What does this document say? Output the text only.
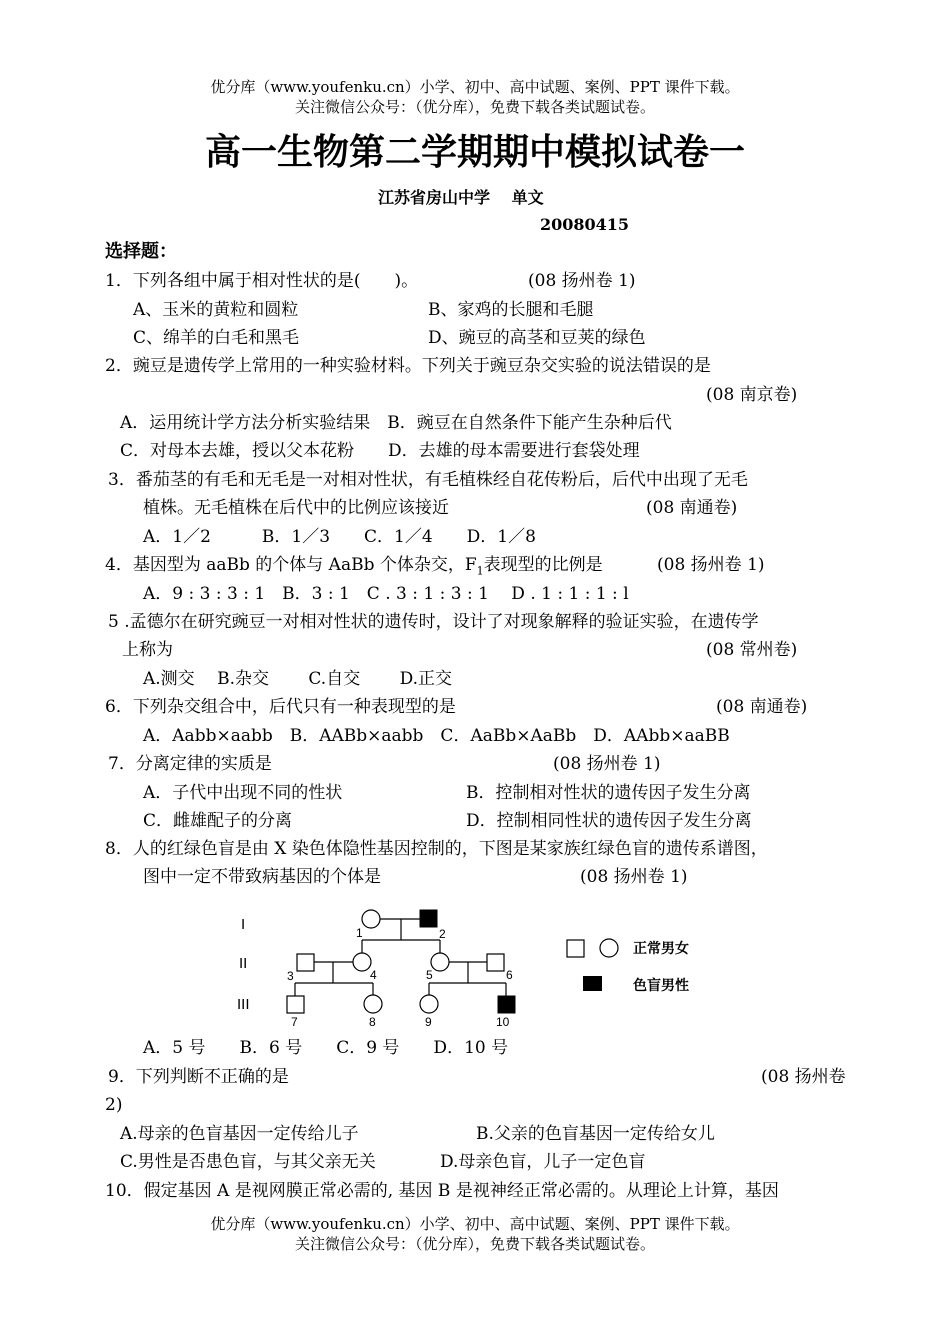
优分库（www.youfenku.cn）小学、初中、高中试题、案例、PPT 课件下载。
关注微信公众号：（优分库），免费下载各类试题试卷。
高一生物第二学期期中模拟试卷一
江苏省房山中学　 单文
20080415
选择题：
1．下列各组中属于相对性状的是(　　)。	(08 扬州卷 1)
A、玉米的黄粒和圆粒	B、家鸡的长腿和毛腿
C、绵羊的白毛和黑毛	D、豌豆的高茎和豆荚的绿色
2．豌豆是遗传学上常用的一种实验材料。下列关于豌豆杂交实验的说法错误的是
(08 南京卷)
A．运用统计学方法分析实验结果　B．豌豆在自然条件下能产生杂种后代
C．对母本去雄，授以父本花粉　　D．去雄的母本需要进行套袋处理
3．番茄茎的有毛和无毛是一对相对性状，有毛植株经自花传粉后，后代中出现了无毛
植株。无毛植株在后代中的比例应该接近	(08 南通卷)
A．1／2　　　B．1／3　　C．1／4　　D．1／8
4．基因型为 aaBb 的个体与 AaBb 个体杂交，$F_1$表现型的比例是	(08 扬州卷 1)
A．9 : 3 : 3 : 1　B．3 : 1　C . 3 : 1 : 3 : 1　 D . 1 : 1 : 1 : l
5 .孟德尔在研究豌豆一对相对性状的遗传时，设计了对现象解释的验证实验，在遗传学
上称为	(08 常州卷)
A.测交　 B.杂交　　 C.自交　　 D.正交
6．下列杂交组合中，后代只有一种表现型的是	(08 南通卷)
A．Aabb×aabb　B．AABb×aabb　C．AaBb×AaBb　D．AAbb×aaBB
7．分离定律的实质是	(08 扬州卷 1)
A．子代中出现不同的性状	B．控制相对性状的遗传因子发生分离
C．雌雄配子的分离	D．控制相同性状的遗传因子发生分离
8．人的红绿色盲是由 X 染色体隐性基因控制的，下图是某家族红绿色盲的遗传系谱图，
图中一定不带致病基因的个体是	(08 扬州卷 1)
I
II
III
1	2
3	4	5	6
7	8	9	10
正常男女
色盲男性
A．5 号　　B．6 号　　C．9 号　　D．10 号
9．下列判断不正确的是	(08 扬州卷
2)
A.母亲的色盲基因一定传给儿子	B.父亲的色盲基因一定传给女儿
C.男性是否患色盲，与其父亲无关	D.母亲色盲，儿子一定色盲
10．假定基因 A 是视网膜正常必需的, 基因 B 是视神经正常必需的。从理论上计算，基因
优分库（www.youfenku.cn）小学、初中、高中试题、案例、PPT 课件下载。
关注微信公众号：（优分库），免费下载各类试题试卷。
